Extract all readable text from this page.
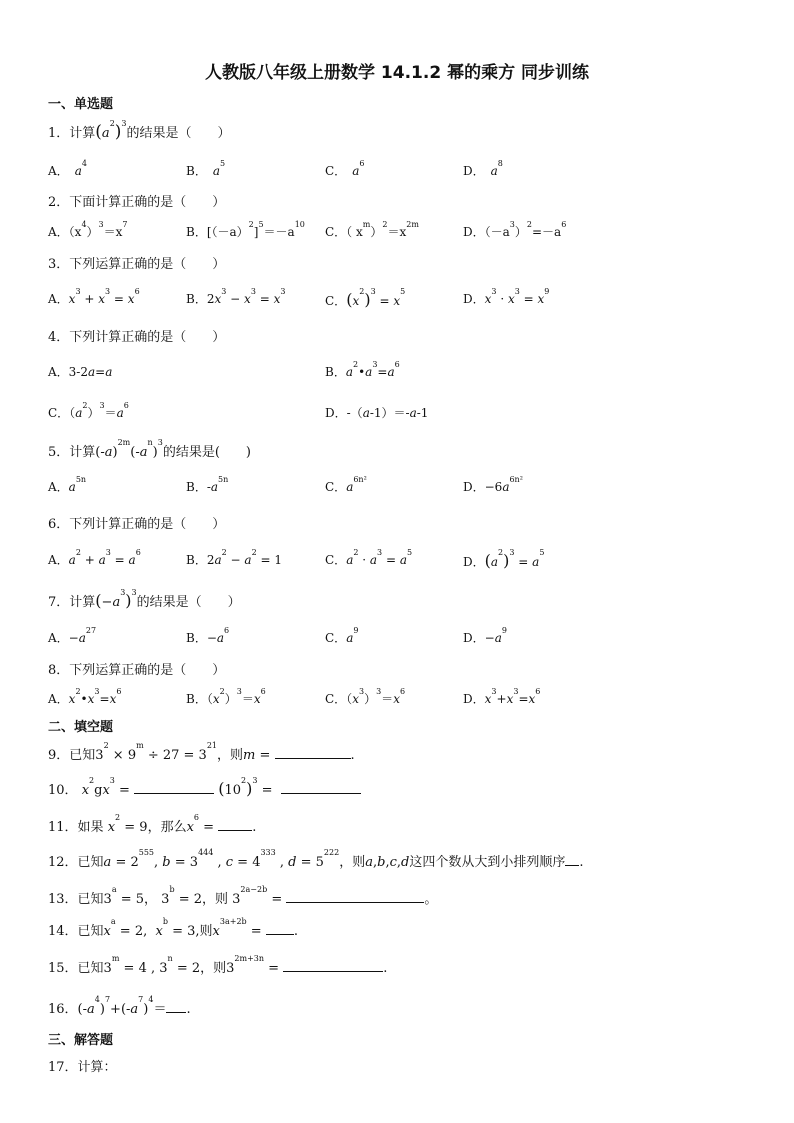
人教版八年级上册数学 14.1.2 幂的乘方 同步训练
一、单选题
1．计算$(a^2)^3$的结果是（　　）
A．　 $a^4$
B．　 $a^5$
C．　 $a^6$
D．　 $a^8$
2．下面计算正确的是（　　）
A．$(x^4)^3=x^7$
B．$[(-a)^2]^5=-a^{10}$
C．（ $x^m)^2=x^{2m}$
D．$(-a^3)^2=-a^6$
3．下列运算正确的是（　　）
A．$x^3 + x^3 = x^6$
B．$2x^3 - x^3 = x^3$
C．$(x^2)^3 = x^5$
D．$x^3 \cdot x^3 = x^9$
4．下列计算正确的是（　　）
A．3-2a=a	B．$a^2•a^3=a^6$
C．$(a^2)^3=a^6$
D．-（a-1）＝-a-1
5．计算$(-a)^{2m}(-a^n)^3$的结果是(　　)
A．$a^{5n}$
B．$-a^{5n}$
C．$a^{6n^2}$
D．$-6a^{6n^2}$
6．下列计算正确的是（　　）
A．$a^2 + a^3 = a^6$
B．$2a^2 - a^2 = 1$	C．$a^2 \cdot a^3 = a^5$
D．$(a^2)^3 = a^5$
7．计算$(-a^3)^3$的结果是（　　）
A．$-a^{27}$
B．$-a^6$
C．$a^9$
D．$-a^9$
8．下列运算正确的是（　　）
A．$x^2•x^3=x^6$
B．$(x^2)^3=x^6$
C．$(x^3)^3=x^6$
D．$x^3+x^3=x^6$
二、填空题
9．已知$3^2 \times 9^m \div 27 = 3^{21}$，则m =	.
10． $x^2gx^3$ =	$(10^2)^3$ =
11．如果 $x^2 = 9$，那么$x^6$ =	.
12．已知$a = 2^{555}$, $b = 3^{444}$ , $c = 4^{333}$ , $d = 5^{222}$，则a,b,c,d这四个数从大到小排列顺序 .
13．已知$3^a = 5$， $3^b = 2$，则 $3^{2a-2b}$ =	。
14．已知$x^a = 2$,  $x^b = 3$,则$x^{3a+2b}$ = .
15．已知$3^m = 4$ , $3^n = 2$，则$3^{2m+3n}$ =	.
16．$(-a^4)^7+(-a^7)^4=$ .
三、解答题
17．计算：
